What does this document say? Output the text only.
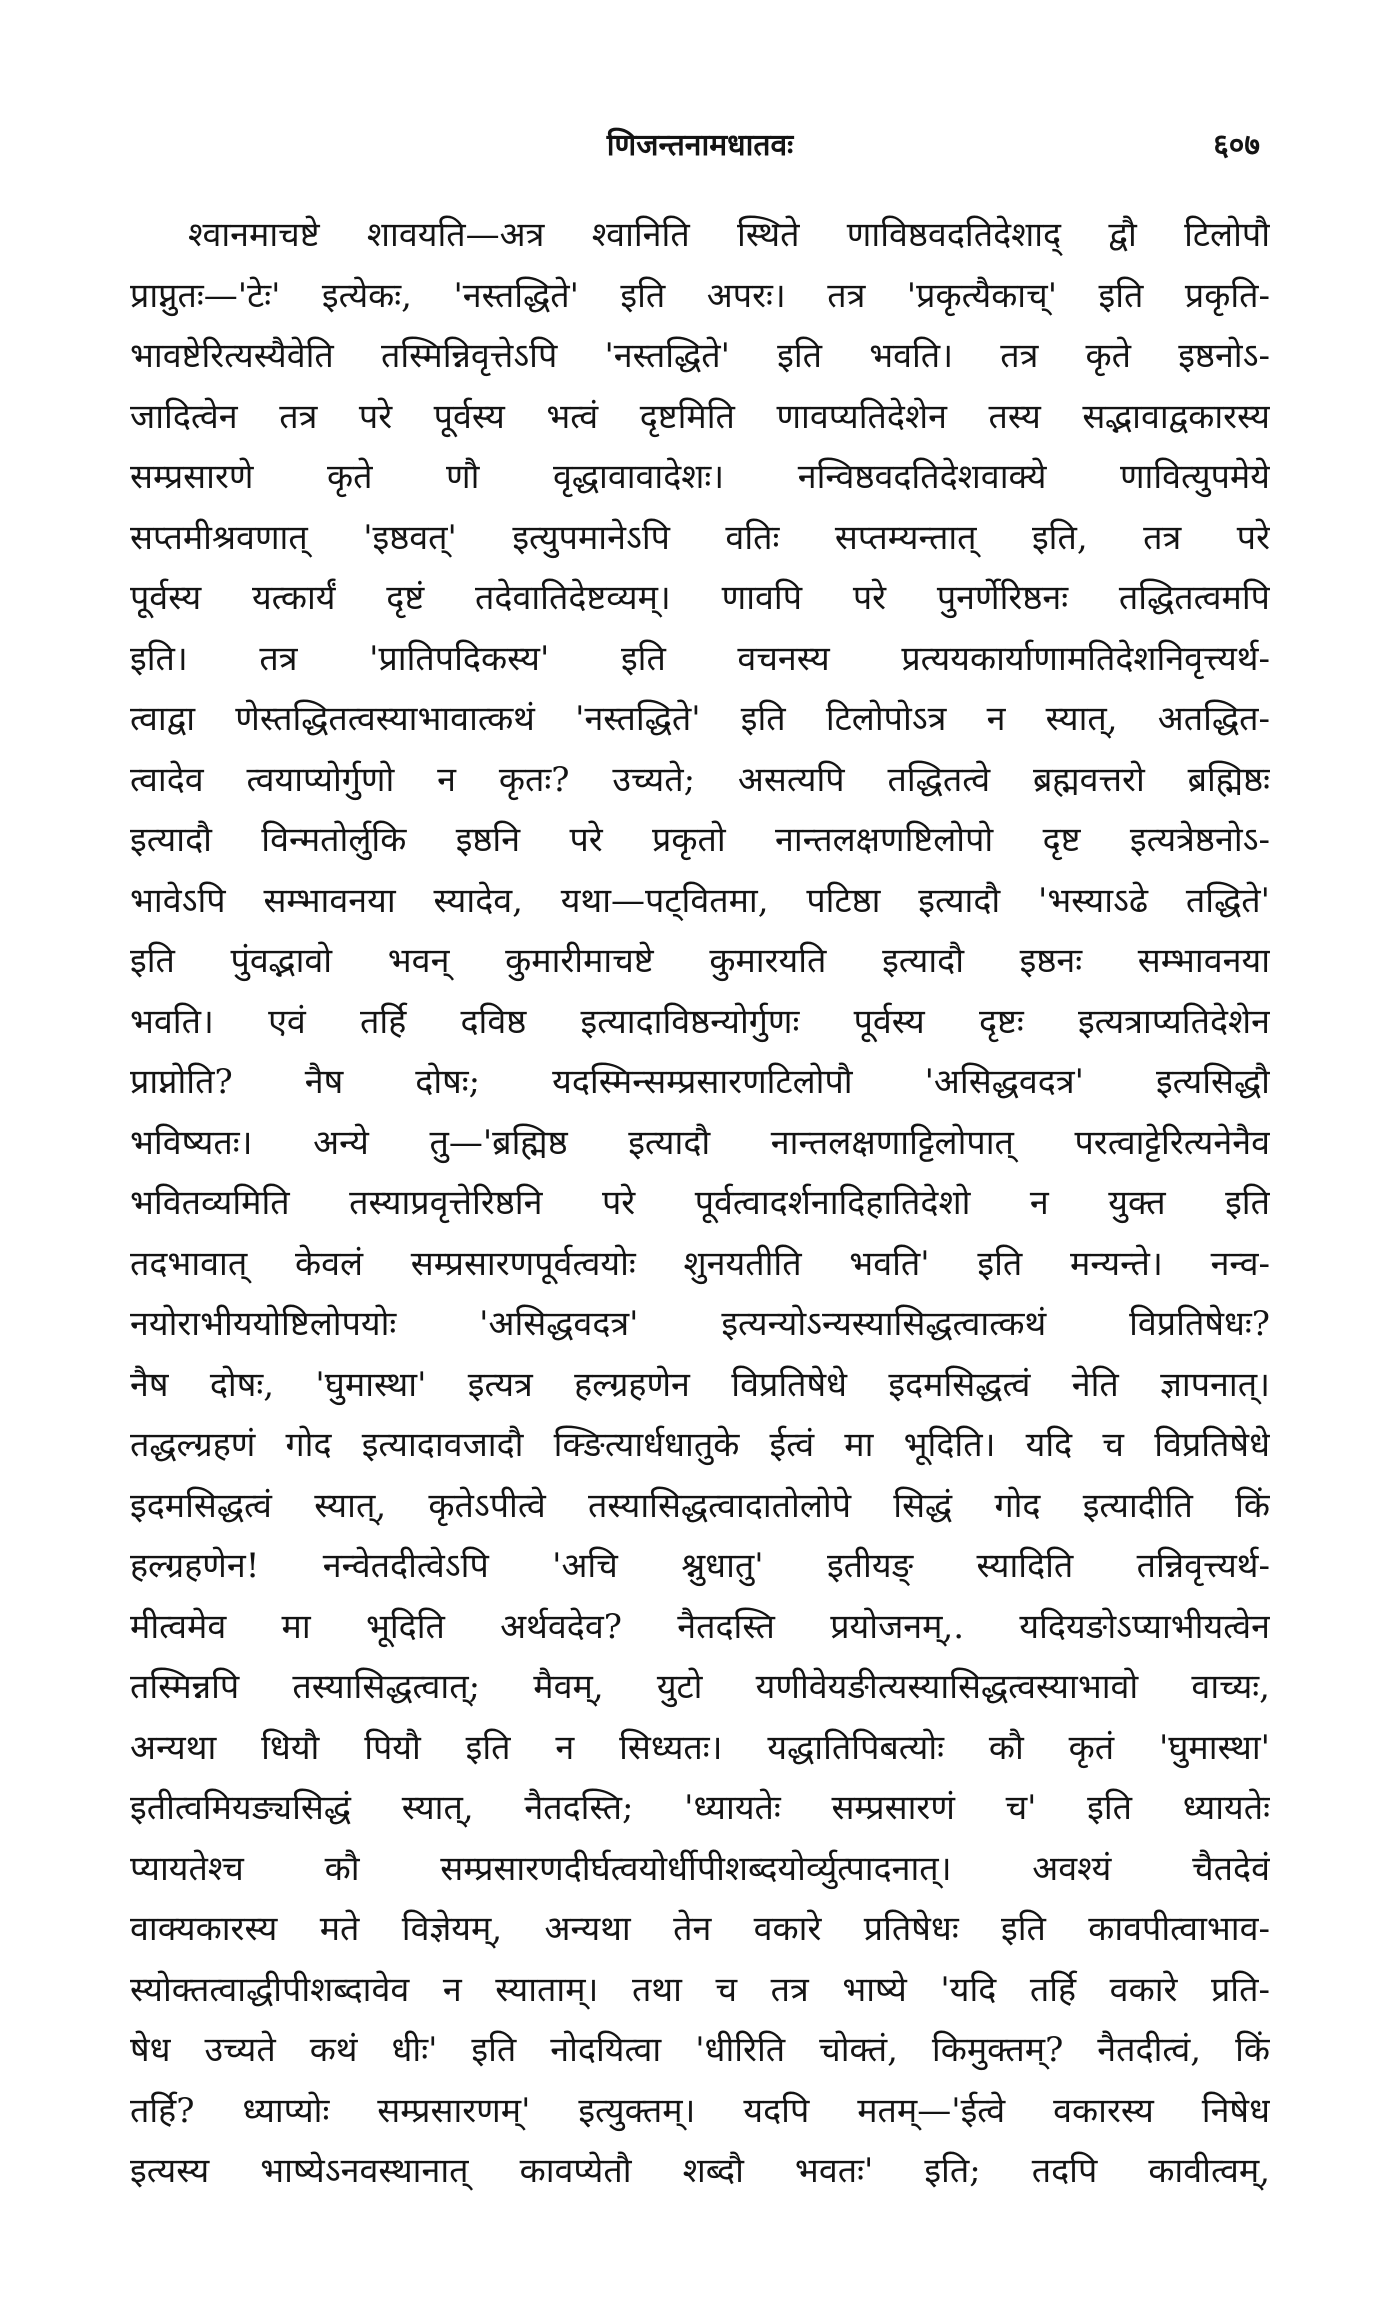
णिजन्तनामधातवः	६०७
श्वानमाचष्टे शावयति—अत्र श्वानिति स्थिते णाविष्ठवदतिदेशाद् द्वौ टिलोपौ
प्राप्नुतः—'टेः' इत्येकः, 'नस्तद्धिते' इति अपरः। तत्र 'प्रकृत्यैकाच्' इति प्रकृति-
भावष्टेरित्यस्यैवेति तस्मिन्निवृत्तेऽपि 'नस्तद्धिते' इति भवति। तत्र कृते इष्ठनोऽ-
जादित्वेन तत्र परे पूर्वस्य भत्वं दृष्टमिति णावप्यतिदेशेन तस्य सद्भावाद्वकारस्य
सम्प्रसारणे कृते णौ वृद्धावावादेशः। नन्विष्ठवदतिदेशवाक्ये णावित्युपमेये
सप्तमीश्रवणात् 'इष्ठवत्' इत्युपमानेऽपि वतिः सप्तम्यन्तात् इति, तत्र परे
पूर्वस्य यत्कार्यं दृष्टं तदेवातिदेष्टव्यम्। णावपि परे पुनर्णेरिष्ठनः तद्धितत्वमपि
इति। तत्र 'प्रातिपदिकस्य' इति वचनस्य प्रत्ययकार्याणामतिदेशनिवृत्त्यर्थ-
त्वाद्वा णेस्तद्धितत्वस्याभावात्कथं 'नस्तद्धिते' इति टिलोपोऽत्र न स्यात्, अतद्धित-
त्वादेव त्वयाप्योर्गुणो न कृतः? उच्यते; असत्यपि तद्धितत्वे ब्रह्मवत्तरो ब्रह्मिष्ठः
इत्यादौ विन्मतोर्लुकि इष्ठनि परे प्रकृतो नान्तलक्षणष्टिलोपो दृष्ट इत्यत्रेष्ठनोऽ-
भावेऽपि सम्भावनया स्यादेव, यथा—पट्वितमा, पटिष्ठा इत्यादौ 'भस्याऽढे तद्धिते'
इति पुंवद्भावो भवन् कुमारीमाचष्टे कुमारयति इत्यादौ इष्ठनः सम्भावनया
भवति। एवं तर्हि दविष्ठ इत्यादाविष्ठन्योर्गुणः पूर्वस्य दृष्टः इत्यत्राप्यतिदेशेन
प्राप्नोति? नैष दोषः; यदस्मिन्सम्प्रसारणटिलोपौ 'असिद्धवदत्र' इत्यसिद्धौ
भविष्यतः। अन्ये तु—'ब्रह्मिष्ठ इत्यादौ नान्तलक्षणाट्टिलोपात् परत्वाट्टेरित्यनेनैव
भवितव्यमिति तस्याप्रवृत्तेरिष्ठनि परे पूर्वत्वादर्शनादिहातिदेशो न युक्त इति
तदभावात् केवलं सम्प्रसारणपूर्वत्वयोः शुनयतीति भवति' इति मन्यन्ते। नन्व-
नयोराभीययोष्टिलोपयोः 'असिद्धवदत्र' इत्यन्योऽन्यस्यासिद्धत्वात्कथं विप्रतिषेधः?
नैष दोषः, 'घुमास्था' इत्यत्र हल्ग्रहणेन विप्रतिषेधे इदमसिद्धत्वं नेति ज्ञापनात्।
तद्धल्ग्रहणं गोद इत्यादावजादौ क्ङित्यार्धधातुके ईत्वं मा भूदिति। यदि च विप्रतिषेधे
इदमसिद्धत्वं स्यात्, कृतेऽपीत्वे तस्यासिद्धत्वादातोलोपे सिद्धं गोद इत्यादीति किं
हल्ग्रहणेन! नन्वेतदीत्वेऽपि 'अचि श्नुधातु' इतीयङ् स्यादिति तन्निवृत्त्यर्थ-
मीत्वमेव मा भूदिति अर्थवदेव? नैतदस्ति प्रयोजनम्,. यदियङोऽप्याभीयत्वेन
तस्मिन्नपि तस्यासिद्धत्वात्; मैवम्, युटो यणीवेयङीत्यस्यासिद्धत्वस्याभावो वाच्यः,
अन्यथा धियौ पियौ इति न सिध्यतः। यद्धातिपिबत्योः कौ कृतं 'घुमास्था'
इतीत्वमियङ्यसिद्धं स्यात्, नैतदस्ति; 'ध्यायतेः सम्प्रसारणं च' इति ध्यायतेः
प्यायतेश्च कौ सम्प्रसारणदीर्घत्वयोर्धीपीशब्दयोर्व्युत्पादनात्। अवश्यं चैतदेवं
वाक्यकारस्य मते विज्ञेयम्, अन्यथा तेन वकारे प्रतिषेधः इति कावपीत्वाभाव-
स्योक्तत्वाद्धीपीशब्दावेव न स्याताम्। तथा च तत्र भाष्ये 'यदि तर्हि वकारे प्रति-
षेध उच्यते कथं धीः' इति नोदयित्वा 'धीरिति चोक्तं, किमुक्तम्? नैतदीत्वं, किं
तर्हि? ध्याप्योः सम्प्रसारणम्' इत्युक्तम्। यदपि मतम्—'ईत्वे वकारस्य निषेध
इत्यस्य भाष्येऽनवस्थानात् कावप्येतौ शब्दौ भवतः' इति; तदपि कावीत्वम्,
